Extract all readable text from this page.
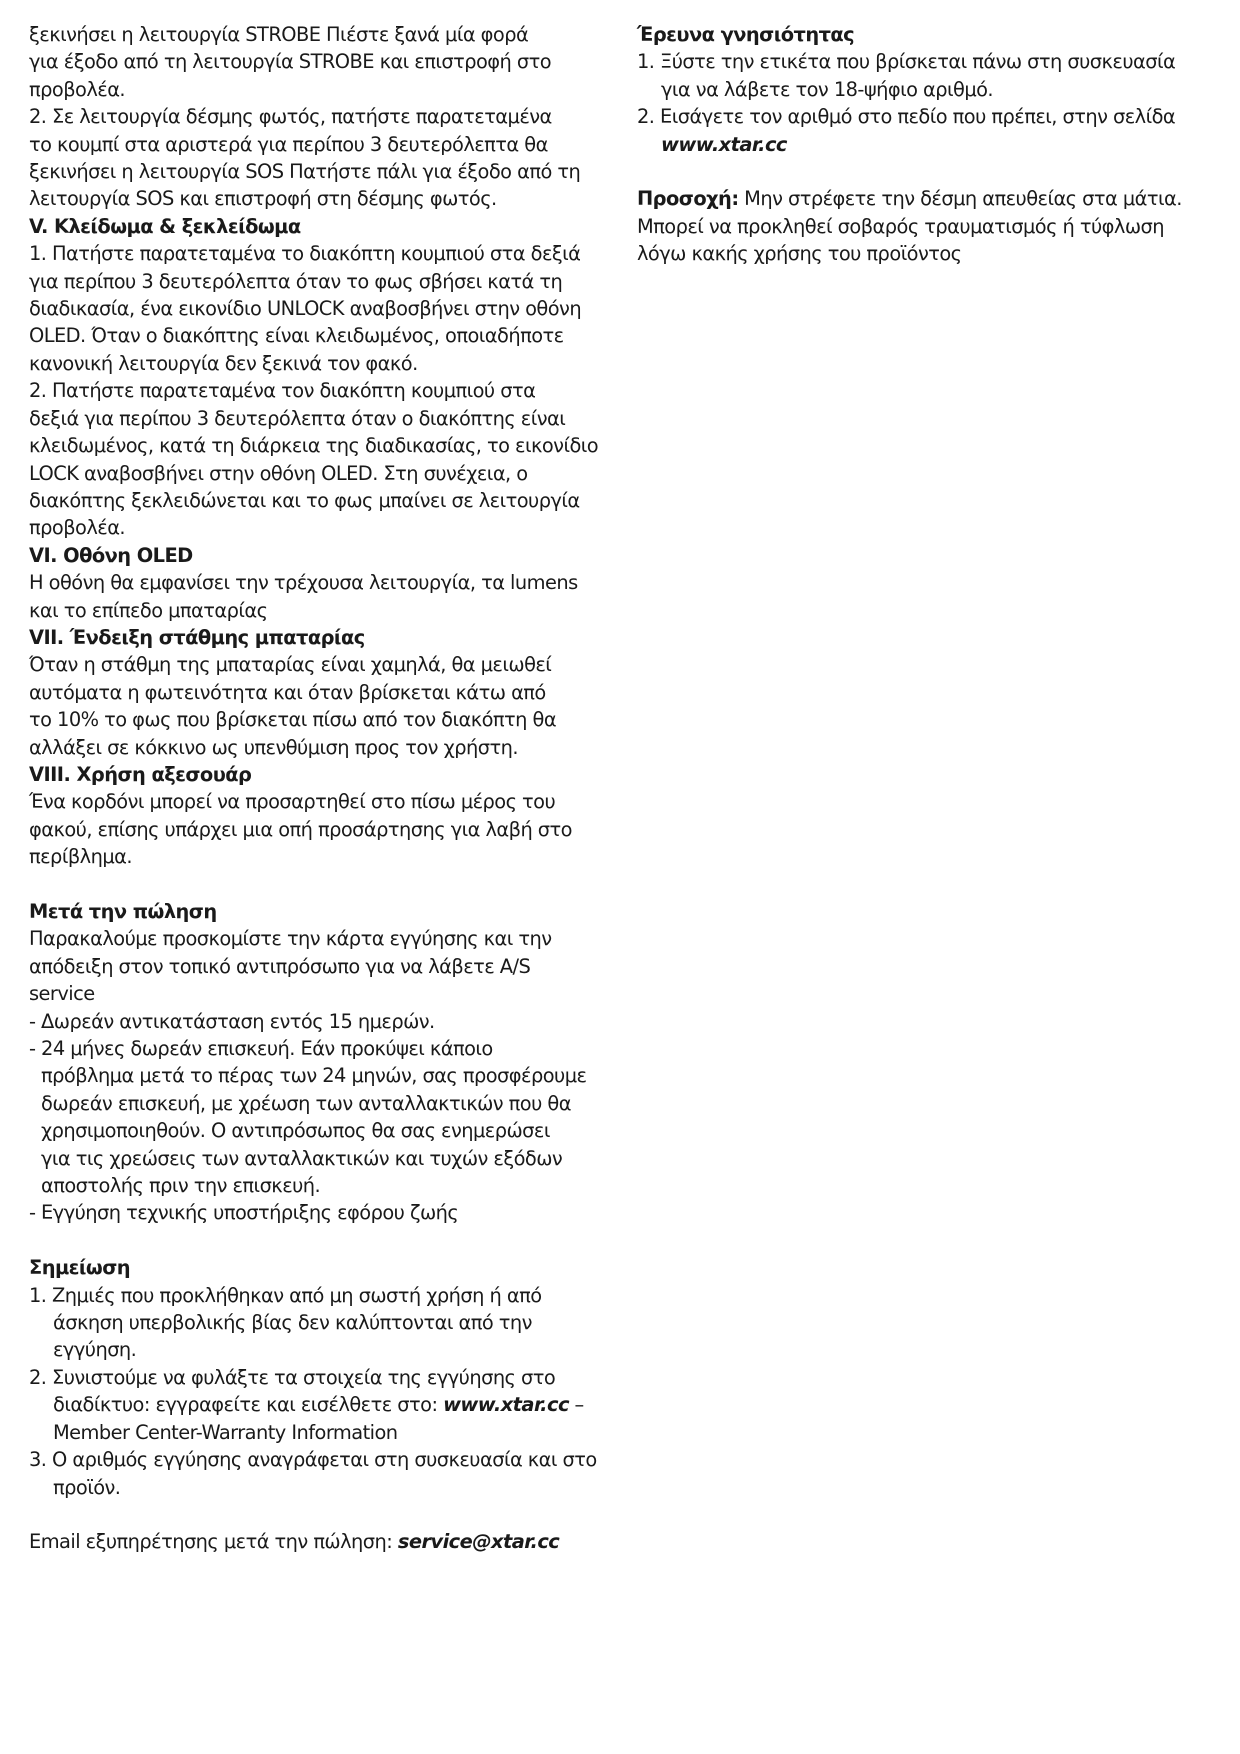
ξεκινήσει η λειτουργία STROBE Πιέστε ξανά μία φορά
για έξοδο από τη λειτουργία STROBE και επιστροφή στο
προβολέα.
2. Σε λειτουργία δέσμης φωτός, πατήστε παρατεταμένα
το κουμπί στα αριστερά για περίπου 3 δευτερόλεπτα θα
ξεκινήσει η λειτουργία SOS Πατήστε πάλι για έξοδο από τη
λειτουργία SOS και επιστροφή στη δέσμης φωτός.
V. Κλείδωμα & ξεκλείδωμα
1. Πατήστε παρατεταμένα το διακόπτη κουμπιού στα δεξιά
για περίπου 3 δευτερόλεπτα όταν το φως σβήσει κατά τη
διαδικασία, ένα εικονίδιο UNLOCK αναβοσβήνει στην οθόνη
OLED. Όταν ο διακόπτης είναι κλειδωμένος, οποιαδήποτε
κανονική λειτουργία δεν ξεκινά τον φακό.
2. Πατήστε παρατεταμένα τον διακόπτη κουμπιού στα
δεξιά για περίπου 3 δευτερόλεπτα όταν ο διακόπτης είναι
κλειδωμένος, κατά τη διάρκεια της διαδικασίας, το εικονίδιο
LOCK αναβοσβήνει στην οθόνη OLED. Στη συνέχεια, ο
διακόπτης ξεκλειδώνεται και το φως μπαίνει σε λειτουργία
προβολέα.
VI. Οθόνη OLED
Η οθόνη θα εμφανίσει την τρέχουσα λειτουργία, τα lumens
και το επίπεδο μπαταρίας
VII. Ένδειξη στάθμης μπαταρίας
Όταν η στάθμη της μπαταρίας είναι χαμηλά, θα μειωθεί
αυτόματα η φωτεινότητα και όταν βρίσκεται κάτω από
το 10% το φως που βρίσκεται πίσω από τον διακόπτη θα
αλλάξει σε κόκκινο ως υπενθύμιση προς τον χρήστη.
VIII. Χρήση αξεσουάρ
Ένα κορδόνι μπορεί να προσαρτηθεί στο πίσω μέρος του
φακού, επίσης υπάρχει μια οπή προσάρτησης για λαβή στο
περίβλημα.
Μετά την πώληση
Παρακαλούμε προσκομίστε την κάρτα εγγύησης και την
απόδειξη στον τοπικό αντιπρόσωπο για να λάβετε A/S
service
- Δωρεάν αντικατάσταση εντός 15 ημερών.
- 24 μήνες δωρεάν επισκευή. Εάν προκύψει κάποιο
πρόβλημα μετά το πέρας των 24 μηνών, σας προσφέρουμε
δωρεάν επισκευή, με χρέωση των ανταλλακτικών που θα
χρησιμοποιηθούν. Ο αντιπρόσωπος θα σας ενημερώσει
για τις χρεώσεις των ανταλλακτικών και τυχών εξόδων
αποστολής πριν την επισκευή.
- Εγγύηση τεχνικής υποστήριξης εφόρου ζωής
Σημείωση
1. Ζημιές που προκλήθηκαν από μη σωστή χρήση ή από
άσκηση υπερβολικής βίας δεν καλύπτονται από την
εγγύηση.
2. Συνιστούμε να φυλάξτε τα στοιχεία της εγγύησης στο
διαδίκτυο: εγγραφείτε και εισέλθετε στο: www.xtar.cc –
Member Center-Warranty Information
3. Ο αριθμός εγγύησης αναγράφεται στη συσκευασία και στο
προϊόν.
Email εξυπηρέτησης μετά την πώληση: service@xtar.cc
Έρευνα γνησιότητας
1. Ξύστε την ετικέτα που βρίσκεται πάνω στη συσκευασία
για να λάβετε τον 18-ψήφιο αριθμό.
2. Εισάγετε τον αριθμό στο πεδίο που πρέπει, στην σελίδα
www.xtar.cc
Προσοχή: Μην στρέφετε την δέσμη απευθείας στα μάτια.
Μπορεί να προκληθεί σοβαρός τραυματισμός ή τύφλωση
λόγω κακής χρήσης του προϊόντος
